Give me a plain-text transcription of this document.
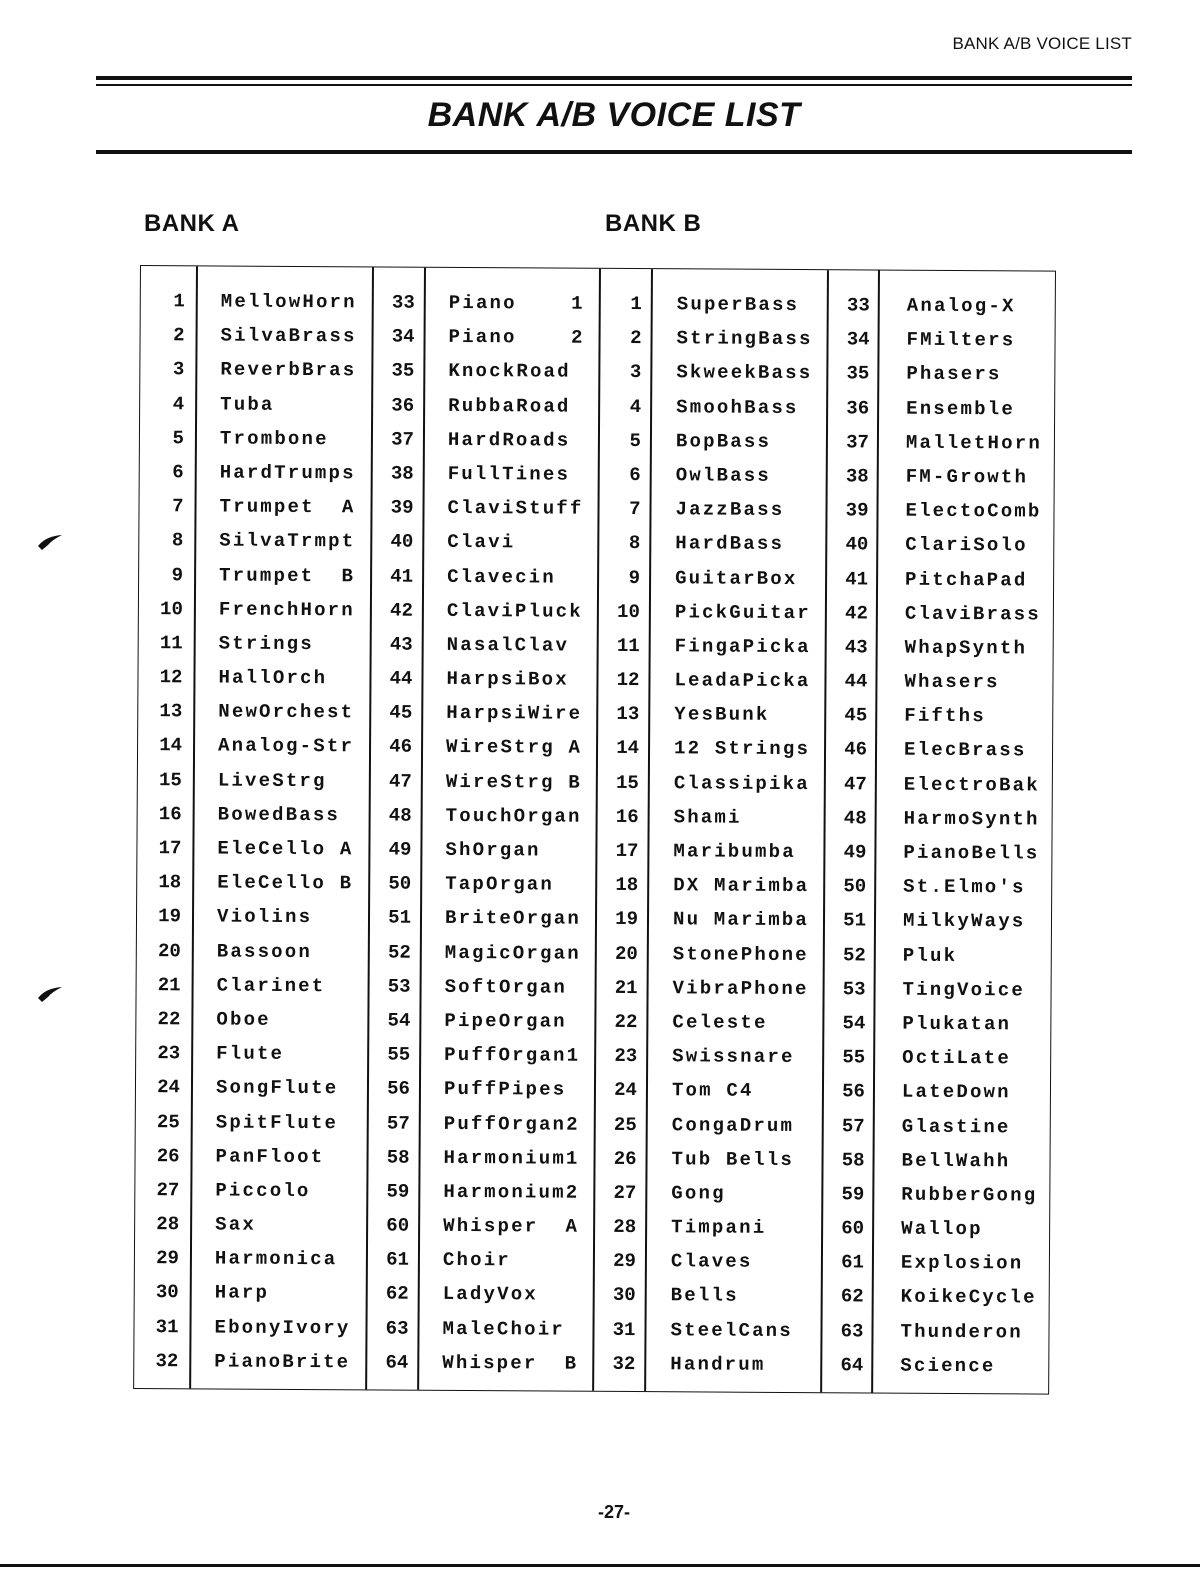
BANK A/B VOICE LIST
BANK A/B VOICE LIST
BANK A	BANK B
1
2
3
4
5
6
7
8
9
10
11
12
13
14
15
16
17
18
19
20
21
22
23
24
25
26
27
28
29
30
31
32
MellowHorn
SilvaBrass
ReverbBras
Tuba
Trombone
HardTrumps
Trumpet  A
SilvaTrmpt
Trumpet  B
FrenchHorn
Strings
HallOrch
NewOrchest
Analog-Str
LiveStrg
BowedBass
EleCello A
EleCello B
Violins
Bassoon
Clarinet
Oboe
Flute
SongFlute
SpitFlute
PanFloot
Piccolo
Sax
Harmonica
Harp
EbonyIvory
PianoBrite
33
34
35
36
37
38
39
40
41
42
43
44
45
46
47
48
49
50
51
52
53
54
55
56
57
58
59
60
61
62
63
64
Piano    1
Piano    2
KnockRoad
RubbaRoad
HardRoads
FullTines
ClaviStuff
Clavi
Clavecin
ClaviPluck
NasalClav
HarpsiBox
HarpsiWire
WireStrg A
WireStrg B
TouchOrgan
ShOrgan
TapOrgan
BriteOrgan
MagicOrgan
SoftOrgan
PipeOrgan
PuffOrgan1
PuffPipes
PuffOrgan2
Harmonium1
Harmonium2
Whisper  A
Choir
LadyVox
MaleChoir
Whisper  B
1
2
3
4
5
6
7
8
9
10
11
12
13
14
15
16
17
18
19
20
21
22
23
24
25
26
27
28
29
30
31
32
SuperBass
StringBass
SkweekBass
SmoohBass
BopBass
OwlBass
JazzBass
HardBass
GuitarBox
PickGuitar
FingaPicka
LeadaPicka
YesBunk
12 Strings
Classipika
Shami
Maribumba
DX Marimba
Nu Marimba
StonePhone
VibraPhone
Celeste
Swissnare
Tom C4
CongaDrum
Tub Bells
Gong
Timpani
Claves
Bells
SteelCans
Handrum
33
34
35
36
37
38
39
40
41
42
43
44
45
46
47
48
49
50
51
52
53
54
55
56
57
58
59
60
61
62
63
64
Analog-X
FMilters
Phasers
Ensemble
MalletHorn
FM-Growth
ElectoComb
ClariSolo
PitchaPad
ClaviBrass
WhapSynth
Whasers
Fifths
ElecBrass
ElectroBak
HarmoSynth
PianoBells
St.Elmo's
MilkyWays
Pluk
TingVoice
Plukatan
OctiLate
LateDown
Glastine
BellWahh
RubberGong
Wallop
Explosion
KoikeCycle
Thunderon
Science
-27-
